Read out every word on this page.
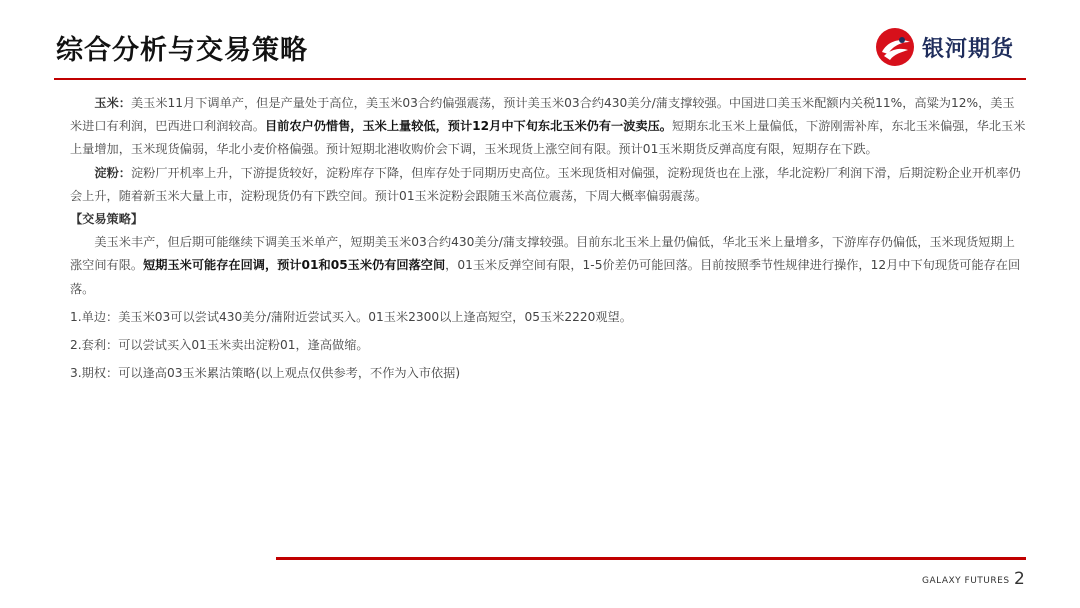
综合分析与交易策略	银河期货

玉米：美玉米11月下调单产，但是产量处于高位，美玉米03合约偏强震荡，预计美玉米03合约430美分/蒲支撑较强。中国进口美玉米配额内关税11%，高粱为12%，美玉米进口有利润，巴西进口利润较高。目前农户仍惜售，玉米上量较低，预计12月中下旬东北玉米仍有一波卖压。短期东北玉米上量偏低，下游刚需补库，东北玉米偏强，华北玉米上量增加，玉米现货偏弱，华北小麦价格偏强。预计短期北港收购价会下调，玉米现货上涨空间有限。预计01玉米期货反弹高度有限，短期存在下跌。

淀粉：淀粉厂开机率上升，下游提货较好，淀粉库存下降，但库存处于同期历史高位。玉米现货相对偏强，淀粉现货也在上涨，华北淀粉厂利润下滑，后期淀粉企业开机率仍会上升，随着新玉米大量上市，淀粉现货仍有下跌空间。预计01玉米淀粉会跟随玉米高位震荡，下周大概率偏弱震荡。

【交易策略】

美玉米丰产，但后期可能继续下调美玉米单产，短期美玉米03合约430美分/蒲支撑较强。目前东北玉米上量仍偏低，华北玉米上量增多，下游库存仍偏低，玉米现货短期上涨空间有限。短期玉米可能存在回调，预计01和05玉米仍有回落空间，01玉米反弹空间有限，1-5价差仍可能回落。目前按照季节性规律进行操作，12月中下旬现货可能存在回落。

1.单边：美玉米03可以尝试430美分/蒲附近尝试买入。01玉米2300以上逢高短空，05玉米2220观望。

2.套利：可以尝试买入01玉米卖出淀粉01，逢高做缩。

3.期权：可以逢高03玉米累沽策略(以上观点仅供参考，不作为入市依据)

GALAXY FUTURES 2
